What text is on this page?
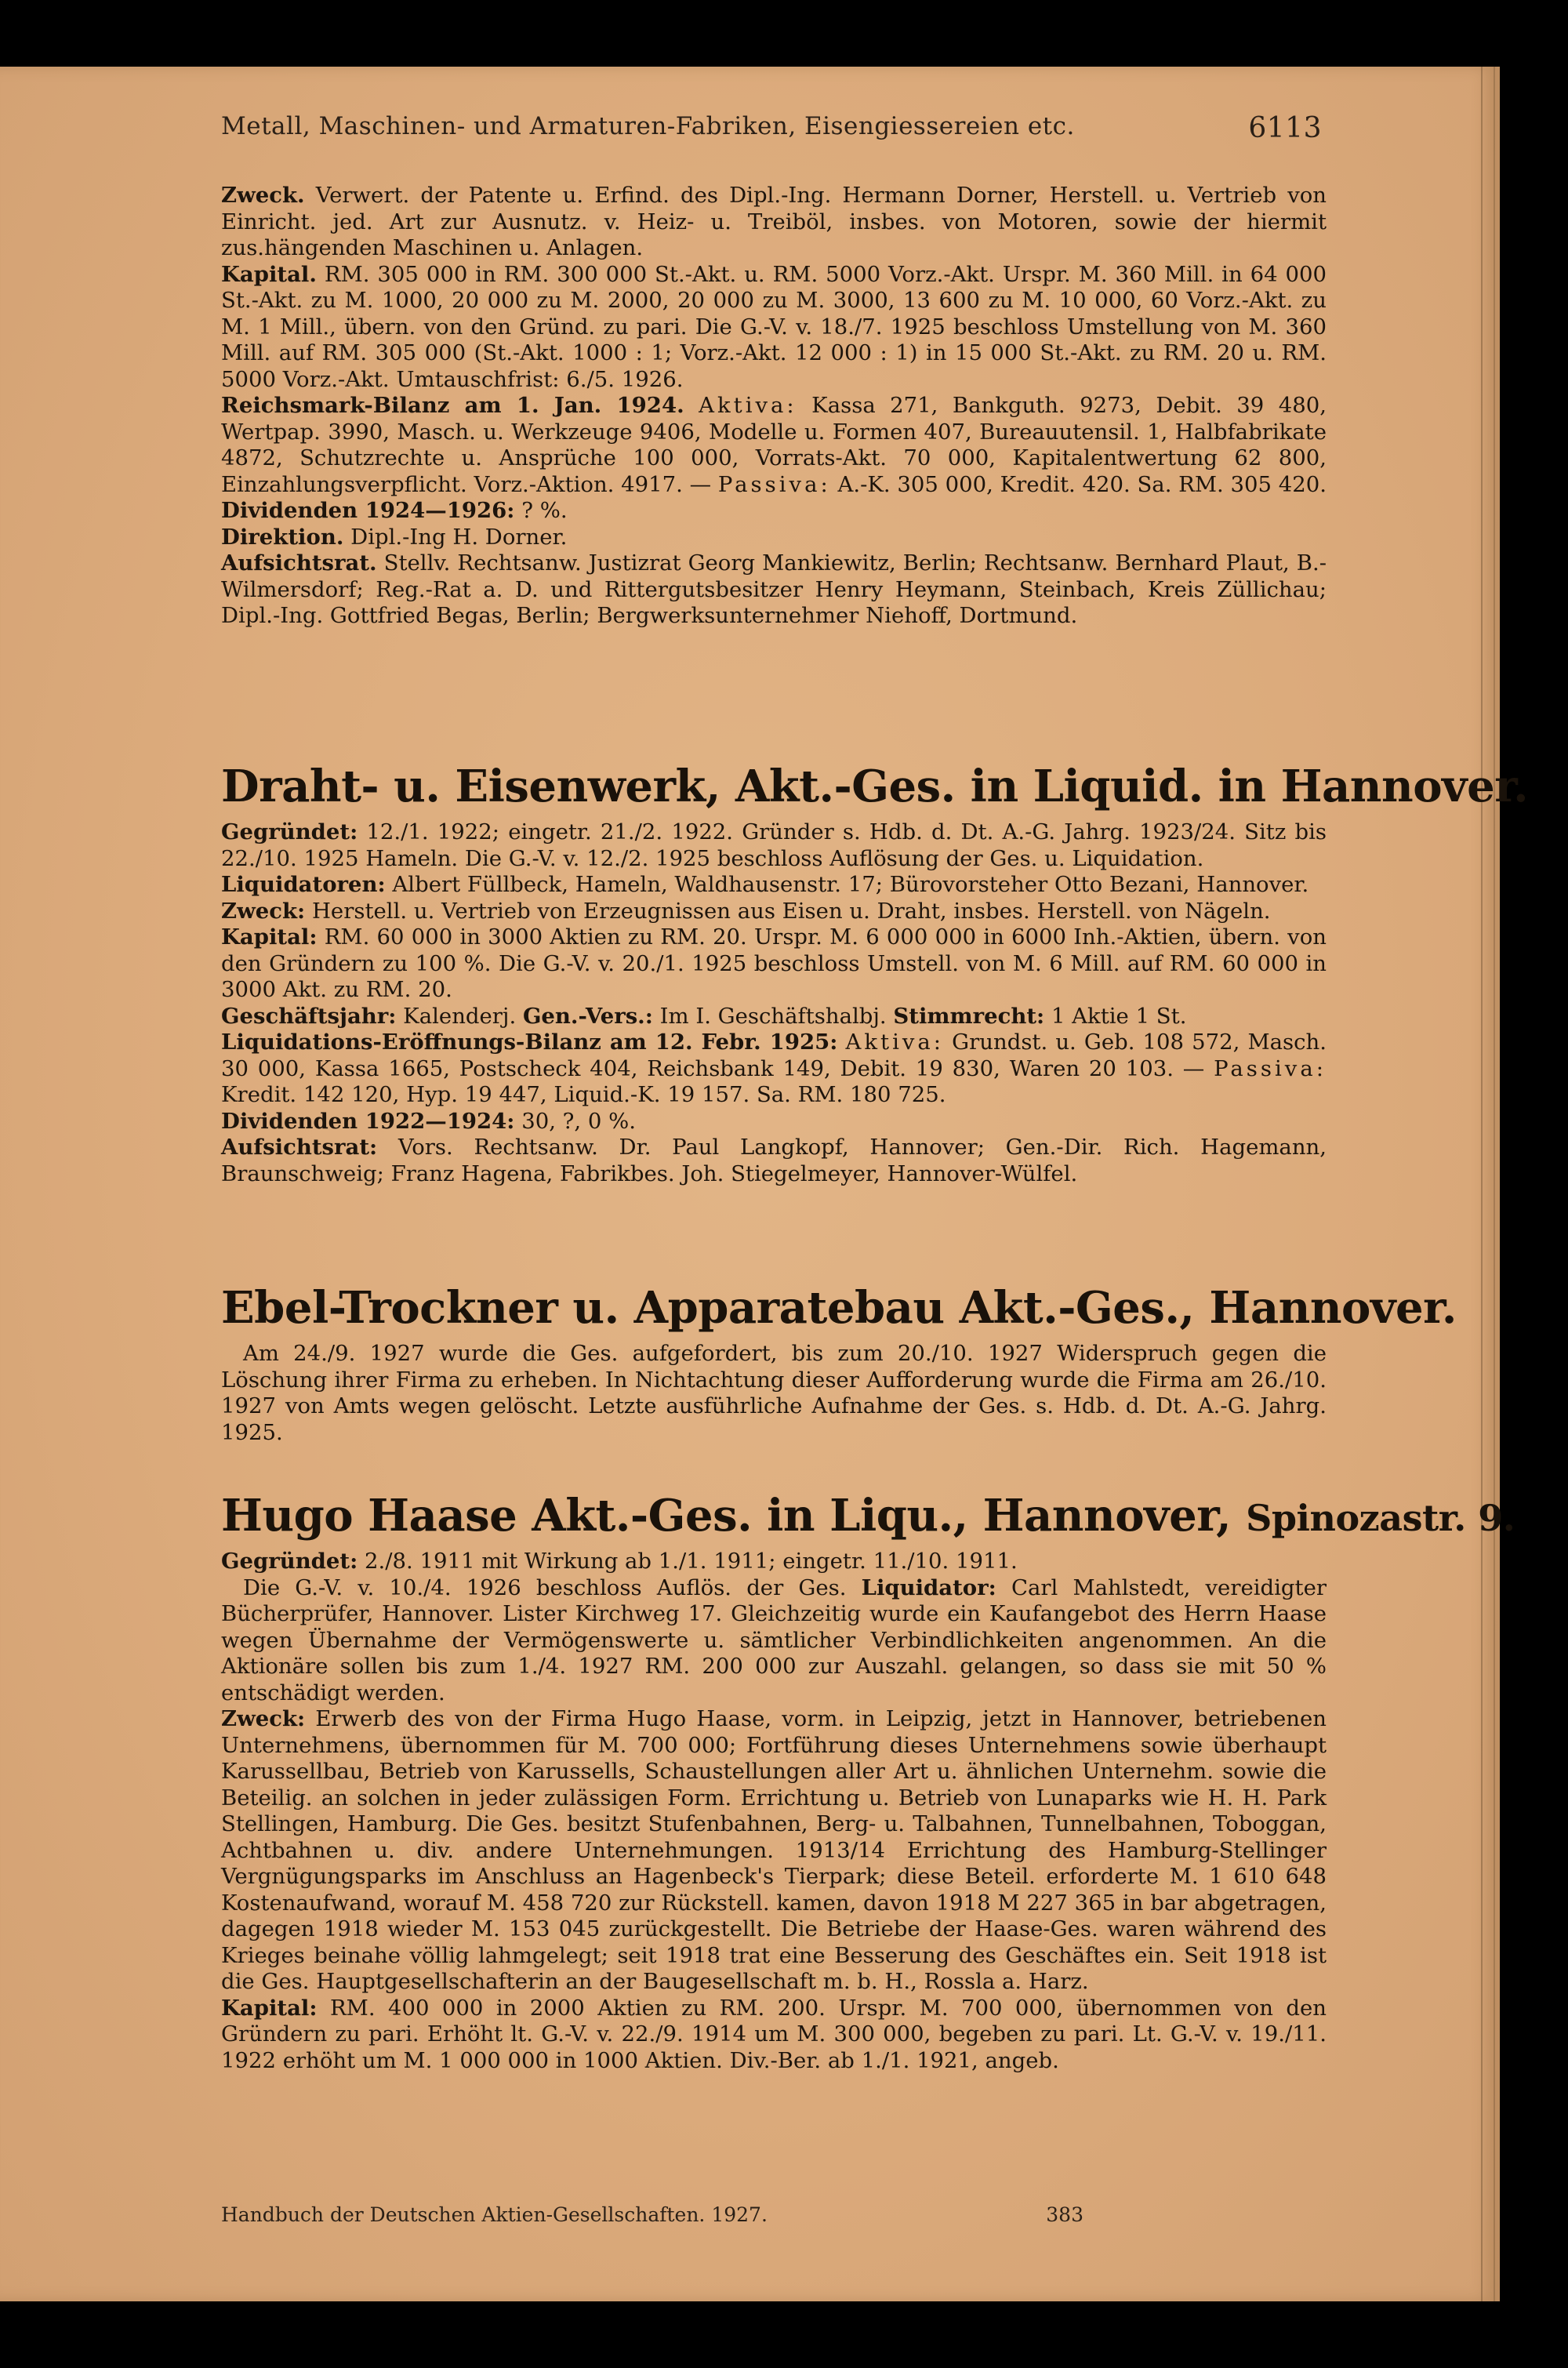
Metall, Maschinen- und Armaturen-Fabriken, Eisengiessereien etc.	6113

Zweck. Verwert. der Patente u. Erfind. des Dipl.-Ing. Hermann Dorner, Herstell. u. Vertrieb von Einricht. jed. Art zur Ausnutz. v. Heiz- u. Treiböl, insbes. von Motoren, sowie der hiermit zus.hängenden Maschinen u. Anlagen.

Kapital. RM. 305 000 in RM. 300 000 St.-Akt. u. RM. 5000 Vorz.-Akt. Urspr. M. 360 Mill. in 64 000 St.-Akt. zu M. 1000, 20 000 zu M. 2000, 20 000 zu M. 3000, 13 600 zu M. 10 000, 60 Vorz.-Akt. zu M. 1 Mill., übern. von den Gründ. zu pari. Die G.-V. v. 18./7. 1925 beschloss Umstellung von M. 360 Mill. auf RM. 305 000 (St.-Akt. 1000 : 1; Vorz.-Akt. 12 000 : 1) in 15 000 St.-Akt. zu RM. 20 u. RM. 5000 Vorz.-Akt. Umtauschfrist: 6./5. 1926.

Reichsmark-Bilanz am 1. Jan. 1924. Aktiva: Kassa 271, Bankguth. 9273, Debit. 39 480, Wertpap. 3990, Masch. u. Werkzeuge 9406, Modelle u. Formen 407, Bureauutensil. 1, Halbfabrikate 4872, Schutzrechte u. Ansprüche 100 000, Vorrats-Akt. 70 000, Kapitalentwertung 62 800, Einzahlungsverpflicht. Vorz.-Aktion. 4917. — Passiva: A.-K. 305 000, Kredit. 420. Sa. RM. 305 420.

Dividenden 1924—1926: ? %.

Direktion. Dipl.-Ing H. Dorner.

Aufsichtsrat. Stellv. Rechtsanw. Justizrat Georg Mankiewitz, Berlin; Rechtsanw. Bernhard Plaut, B.-Wilmersdorf; Reg.-Rat a. D. und Rittergutsbesitzer Henry Heymann, Steinbach, Kreis Züllichau; Dipl.-Ing. Gottfried Begas, Berlin; Bergwerksunternehmer Niehoff, Dortmund.

Draht- u. Eisenwerk, Akt.-Ges. in Liquid. in Hannover.

Gegründet: 12./1. 1922; eingetr. 21./2. 1922. Gründer s. Hdb. d. Dt. A.-G. Jahrg. 1923/24. Sitz bis 22./10. 1925 Hameln. Die G.-V. v. 12./2. 1925 beschloss Auflösung der Ges. u. Liquidation.

Liquidatoren: Albert Füllbeck, Hameln, Waldhausenstr. 17; Bürovorsteher Otto Bezani, Hannover.

Zweck: Herstell. u. Vertrieb von Erzeugnissen aus Eisen u. Draht, insbes. Herstell. von Nägeln.

Kapital: RM. 60 000 in 3000 Aktien zu RM. 20. Urspr. M. 6 000 000 in 6000 Inh.-Aktien, übern. von den Gründern zu 100 %. Die G.-V. v. 20./1. 1925 beschloss Umstell. von M. 6 Mill. auf RM. 60 000 in 3000 Akt. zu RM. 20.

Geschäftsjahr: Kalenderj. Gen.-Vers.: Im I. Geschäftshalbj. Stimmrecht: 1 Aktie 1 St.

Liquidations-Eröffnungs-Bilanz am 12. Febr. 1925: Aktiva: Grundst. u. Geb. 108 572, Masch. 30 000, Kassa 1665, Postscheck 404, Reichsbank 149, Debit. 19 830, Waren 20 103. — Passiva: Kredit. 142 120, Hyp. 19 447, Liquid.-K. 19 157. Sa. RM. 180 725.

Dividenden 1922—1924: 30, ?, 0 %.

Aufsichtsrat: Vors. Rechtsanw. Dr. Paul Langkopf, Hannover; Gen.-Dir. Rich. Hagemann, Braunschweig; Franz Hagena, Fabrikbes. Joh. Stiegelmeyer, Hannover-Wülfel.

Ebel-Trockner u. Apparatebau Akt.-Ges., Hannover.

Am 24./9. 1927 wurde die Ges. aufgefordert, bis zum 20./10. 1927 Widerspruch gegen die Löschung ihrer Firma zu erheben. In Nichtachtung dieser Aufforderung wurde die Firma am 26./10. 1927 von Amts wegen gelöscht. Letzte ausführliche Aufnahme der Ges. s. Hdb. d. Dt. A.-G. Jahrg. 1925.

Hugo Haase Akt.-Ges. in Liqu., Hannover, Spinozastr. 9.

Gegründet: 2./8. 1911 mit Wirkung ab 1./1. 1911; eingetr. 11./10. 1911.

Die G.-V. v. 10./4. 1926 beschloss Auflös. der Ges. Liquidator: Carl Mahlstedt, vereidigter Bücherprüfer, Hannover. Lister Kirchweg 17. Gleichzeitig wurde ein Kaufangebot des Herrn Haase wegen Übernahme der Vermögenswerte u. sämtlicher Verbindlichkeiten angenommen. An die Aktionäre sollen bis zum 1./4. 1927 RM. 200 000 zur Auszahl. gelangen, so dass sie mit 50 % entschädigt werden.

Zweck: Erwerb des von der Firma Hugo Haase, vorm. in Leipzig, jetzt in Hannover, betriebenen Unternehmens, übernommen für M. 700 000; Fortführung dieses Unternehmens sowie überhaupt Karussellbau, Betrieb von Karussells, Schaustellungen aller Art u. ähnlichen Unternehm. sowie die Beteilig. an solchen in jeder zulässigen Form. Errichtung u. Betrieb von Lunaparks wie H. H. Park Stellingen, Hamburg. Die Ges. besitzt Stufenbahnen, Berg- u. Talbahnen, Tunnelbahnen, Toboggan, Achtbahnen u. div. andere Unternehmungen. 1913/14 Errichtung des Hamburg-Stellinger Vergnügungsparks im Anschluss an Hagenbeck's Tierpark; diese Beteil. erforderte M. 1 610 648 Kostenaufwand, worauf M. 458 720 zur Rückstell. kamen, davon 1918 M 227 365 in bar abgetragen, dagegen 1918 wieder M. 153 045 zurückgestellt. Die Betriebe der Haase-Ges. waren während des Krieges beinahe völlig lahmgelegt; seit 1918 trat eine Besserung des Geschäftes ein. Seit 1918 ist die Ges. Hauptgesellschafterin an der Baugesellschaft m. b. H., Rossla a. Harz.

Kapital: RM. 400 000 in 2000 Aktien zu RM. 200. Urspr. M. 700 000, übernommen von den Gründern zu pari. Erhöht lt. G.-V. v. 22./9. 1914 um M. 300 000, begeben zu pari. Lt. G.-V. v. 19./11. 1922 erhöht um M. 1 000 000 in 1000 Aktien. Div.-Ber. ab 1./1. 1921, angeb.

Handbuch der Deutschen Aktien-Gesellschaften. 1927.	383
